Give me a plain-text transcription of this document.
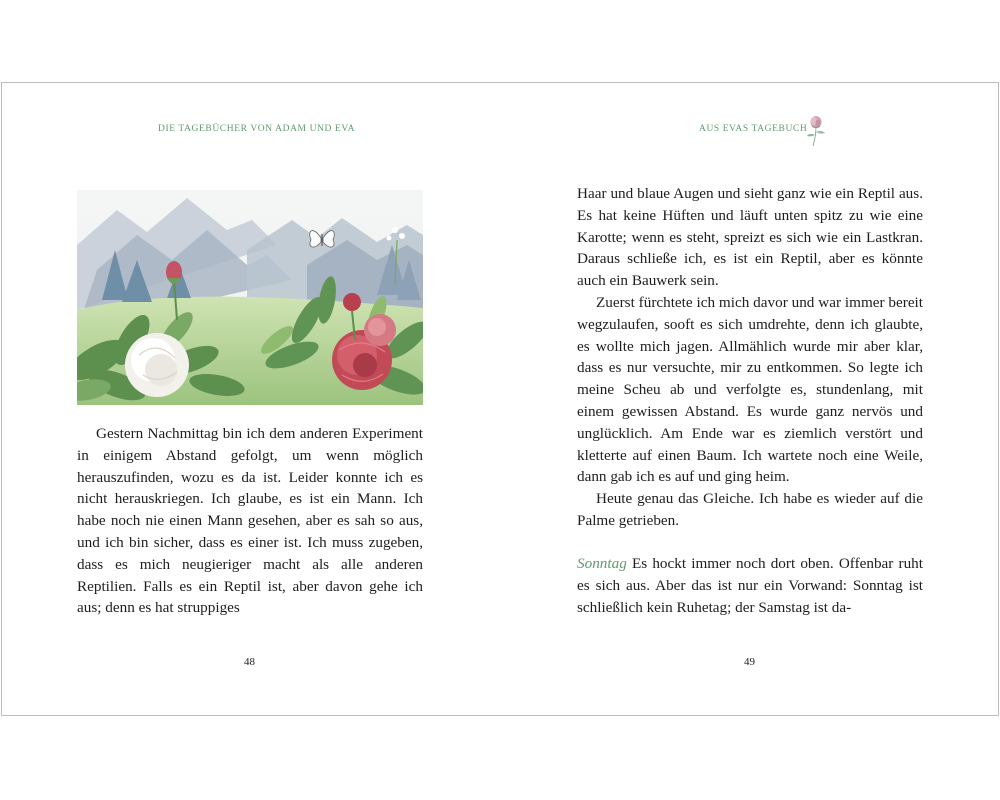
DIE TAGEBÜCHER VON ADAM UND EVA	AUS EVAS TAGEBUCH

Gestern Nachmittag bin ich dem anderen Experiment in einigem Abstand gefolgt, um wenn möglich herauszufinden, wozu es da ist. Leider konnte ich es nicht herauskriegen. Ich glaube, es ist ein Mann. Ich habe noch nie einen Mann gesehen, aber es sah so aus, und ich bin sicher, dass es einer ist. Ich muss zugeben, dass es mich neugieriger macht als alle anderen Reptilien. Falls es ein Reptil ist, aber davon gehe ich aus; denn es hat struppiges

Haar und blaue Augen und sieht ganz wie ein Reptil aus. Es hat keine Hüften und läuft unten spitz zu wie eine Karotte; wenn es steht, spreizt es sich wie ein Lastkran. Daraus schließe ich, es ist ein Reptil, aber es könnte auch ein Bauwerk sein.

Zuerst fürchtete ich mich davor und war immer bereit wegzulaufen, sooft es sich umdrehte, denn ich glaubte, es wollte mich jagen. Allmählich wurde mir aber klar, dass es nur versuchte, mir zu entkommen. So legte ich meine Scheu ab und verfolgte es, stundenlang, mit einem gewissen Abstand. Es wurde ganz nervös und unglücklich. Am Ende war es ziemlich verstört und kletterte auf einen Baum. Ich wartete noch eine Weile, dann gab ich es auf und ging heim.

Heute genau das Gleiche. Ich habe es wieder auf die Palme getrieben.

Sonntag Es hockt immer noch dort oben. Offenbar ruht es sich aus. Aber das ist nur ein Vorwand: Sonntag ist schließlich kein Ruhetag; der Samstag ist da-

48	49
